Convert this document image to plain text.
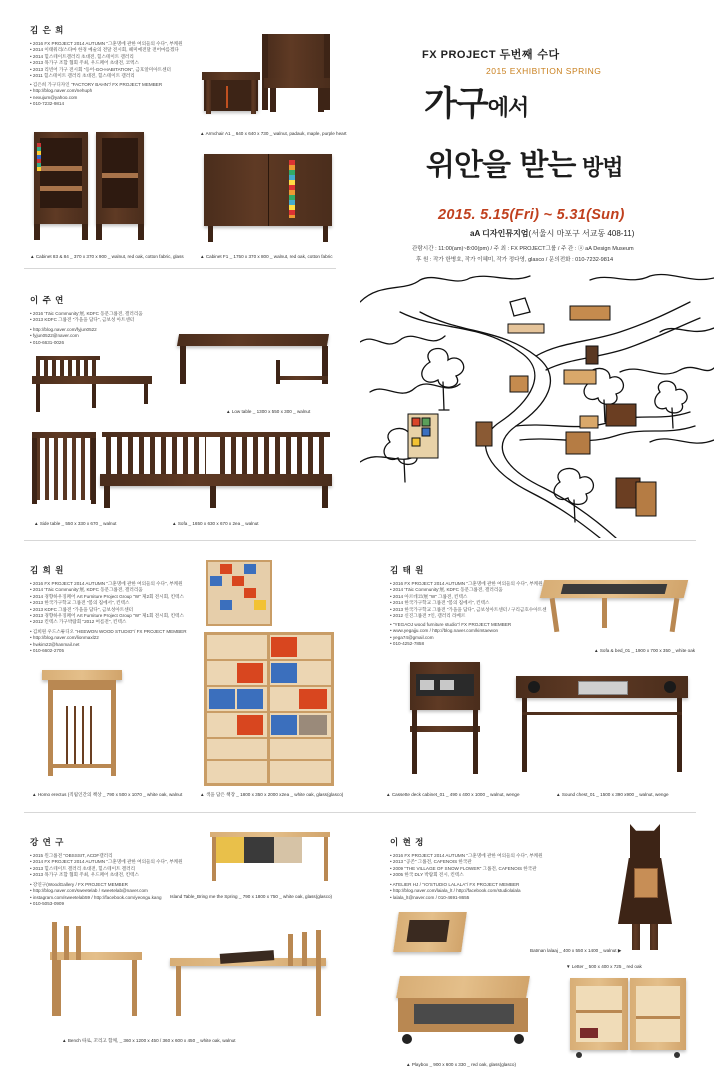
김 은 희
• 2016 FX PROJECT 2014 AUTUMN "그훈명에 관한 여의들의 수다", 부케원
• 2014 이태워리/스타마 한경 예술의 전달 전시회, 헤미예전달 전어마를겠다
• 2014 힐스테이트갤러리 초대전, 힐스테이트 갤러리
• 2013 목가구 조합 협회 주최, 우드페어 초대전, 코엑스
• 2013 리빈어 가구 전시회 "등어-GO-HABITATION", 금호알미아트센터
• 2011 힐스테이트 갤러리 초대전, 힐스테이트 갤러리
• 김은희 가구디자인 "FACTORY BAHN"/ FX PROJECT MEMBER
• http://blog.naver.com/nehuph
• nexujum@yahoo.com
• 010-7232-9814
▲ Armchair A1 _ 640 x 640 x 730 _ walnut, padauk, maple, purple heart
▲ Cabinet 83 & 84 _ 370 x 370 x 900 _ walnut, red oak, cotton fabric, glass	▲ Cabinet F1 _ 1750 x 370 x 800 _ walnut, red oak, cotton fabric
FX PROJECT 두번째 수다
2015 EXHIBITION SPRING
가구에서
위안을 받는 방법
2015. 5.15(Fri) ~ 5.31(Sun)
aA 디자인뮤지엄(서울시 마포구 서교동 408-11)
관람시간 : 11:00(am)~8:00(pm) / 주 최 : FX PROJECT그룹 / 주 관 : ⓐ aA Design Museum
후 원 : 작가 한병호, 작가 이혜미, 작가 정다영, glasco / 문의전화 : 010-7232-9814
이 주 연
• 2016 'Täic Community'展, KDFC 동문그룹전, 갤러리움
• 2013 KDFC 그룹전 "가을을 담다", 금보성 아트센터
• http://blog.naver.com/fyjun0522
• fyjun0522@naver.com
• 010-6631-0026
▲ Low table _ 1300 x 550 x 300 _ walnut
▲ Side table _ 550 x 330 x 670 _ walnut	▲ Sofa _ 1650 x 630 x 670 x 2ea _ walnut
김 희 원
• 2016 FX PROJECT 2014 AUTUMN "그훈명에 관한 여의들의 수다", 부케원
• 2014 'Täic Community'展, KDFC 동문그룹전, 갤러리움
• 2014 경향하우징페어 Art Furniture Project Group "W" 제2회 전시회, 킨텍스
• 2013 한국가구학교 그룹전 "봄의 집에서", 킨텍스
• 2013 KDFC 그룹전 "가을을 담다", 금보성아트센터
• 2013 경향하우징페어 Art Furniture Project Group "W" 제1회 전시회, 킨텍스
• 2012 킨텍스 가구박람회 "2012 여름전", 킨텍스
• 김희원 우드스튜디오 "HEEWON WOOD STUDIO"/ FX PROJECT MEMBER
• http://blog.naver.com/lionmaxl22
• hwkim22@hanmail.net
• 010-6602-2705
▲ Homo erectus (직립인간의 책상 _ 790 x 500 x 1070 _ white oak, walnut	▲ 색을 담은 책장 _ 1800 x 350 x 2000 x2ea _ white oak, glass(glasco)
김 태 원
• 2016 FX PROJECT 2014 AUTUMN "그훈명에 관한 여의들의 수다", 부케원
• 2014 'Täic Community'展, KDFC 동문그룹전, 갤러리움
• 2014 아르데코/展 "W" 그룹전, 킨텍스
• 2014 한국가구학교 그룹전 "봄의 집에서", 킨텍스
• 2013 한국가구학교 그룹전 "가을을 담다", 금보성아트센터 / 구리금호수아트센
• 2012 신진그룹전 7인, 갤러리 라베르
• "YEGAOJ wood furniture studio"/ FX PROJECT MEMBER
• www.yegajju.com / http://blog.naver.com/kimtaewon
• yega74@gmail.com
• 010-4252-7858
▲ Sofa & bed_01 _ 1900 x 700 x 350 _ white oak
▲ Cassette deck cabinet_01 _ 490 x 400 x 1000 _ walnut, wenge	▲ Sound chest_01 _ 1500 x 390 x900 _ walnut, wenge
강 연 구
• 2015 윈그룹전 "OBSSSIT, ACDF갤러리
• 2014 FX PROJECT 2014 AUTUMN "그훈명에 관한 여의들의 수다", 부케원
• 2013 힐스테이트 갤러리 초대전, 힐스테이트 갤러리
• 2013 목가구 조합 협회 주최, 우드페어 초대전, 킨텍스
• 강연구(WoodGallery / FX PROJECT MEMBER
• http://blog.naver.com/sweetelab / sweetelab@naver.com
• instagram.com/sweetelab59 / http://facebook.com/yeongu.kang
• 010-5053-0909
Island Table_Bring me the Spring _ 790 x 1800 x 750 _ white oak, glass(glasco)
▲ Bench 따로, 꼬리고 함께, _ 360 x 1200 x 450 / 360 x 600 x 450 _ white oak, walnut
이 현 정
• 2016 FX PROJECT 2014 AUTUMN "그훈명에 관한 여의들의 수다", 부케원
• 2013 "공존" 그룹전, CAFENOIS 한국관
• 2009 "THE VILLAGE OF SNOW FLOWER" 그룹전, CAFENOIS 한국관
• 2005 한국 DLY 박람회 전시, 킨텍스
• ATELIER HJ / "rO'STUDIO LALALA"/ FX PROJECT MEMBER
• http://blog.naver.com/laiala_lt / http://facebook.com/studiolalala
• lalala_lt@naver.com / 010-4691-8655
Batman lalaaj _ 400 x 550 x 1400 _ walnut ▶
▲ Playbox _ 900 x 600 x 330 _ red oak, glass(glasco)
▼ Letter _ 500 x 400 x 725 _ red oak
